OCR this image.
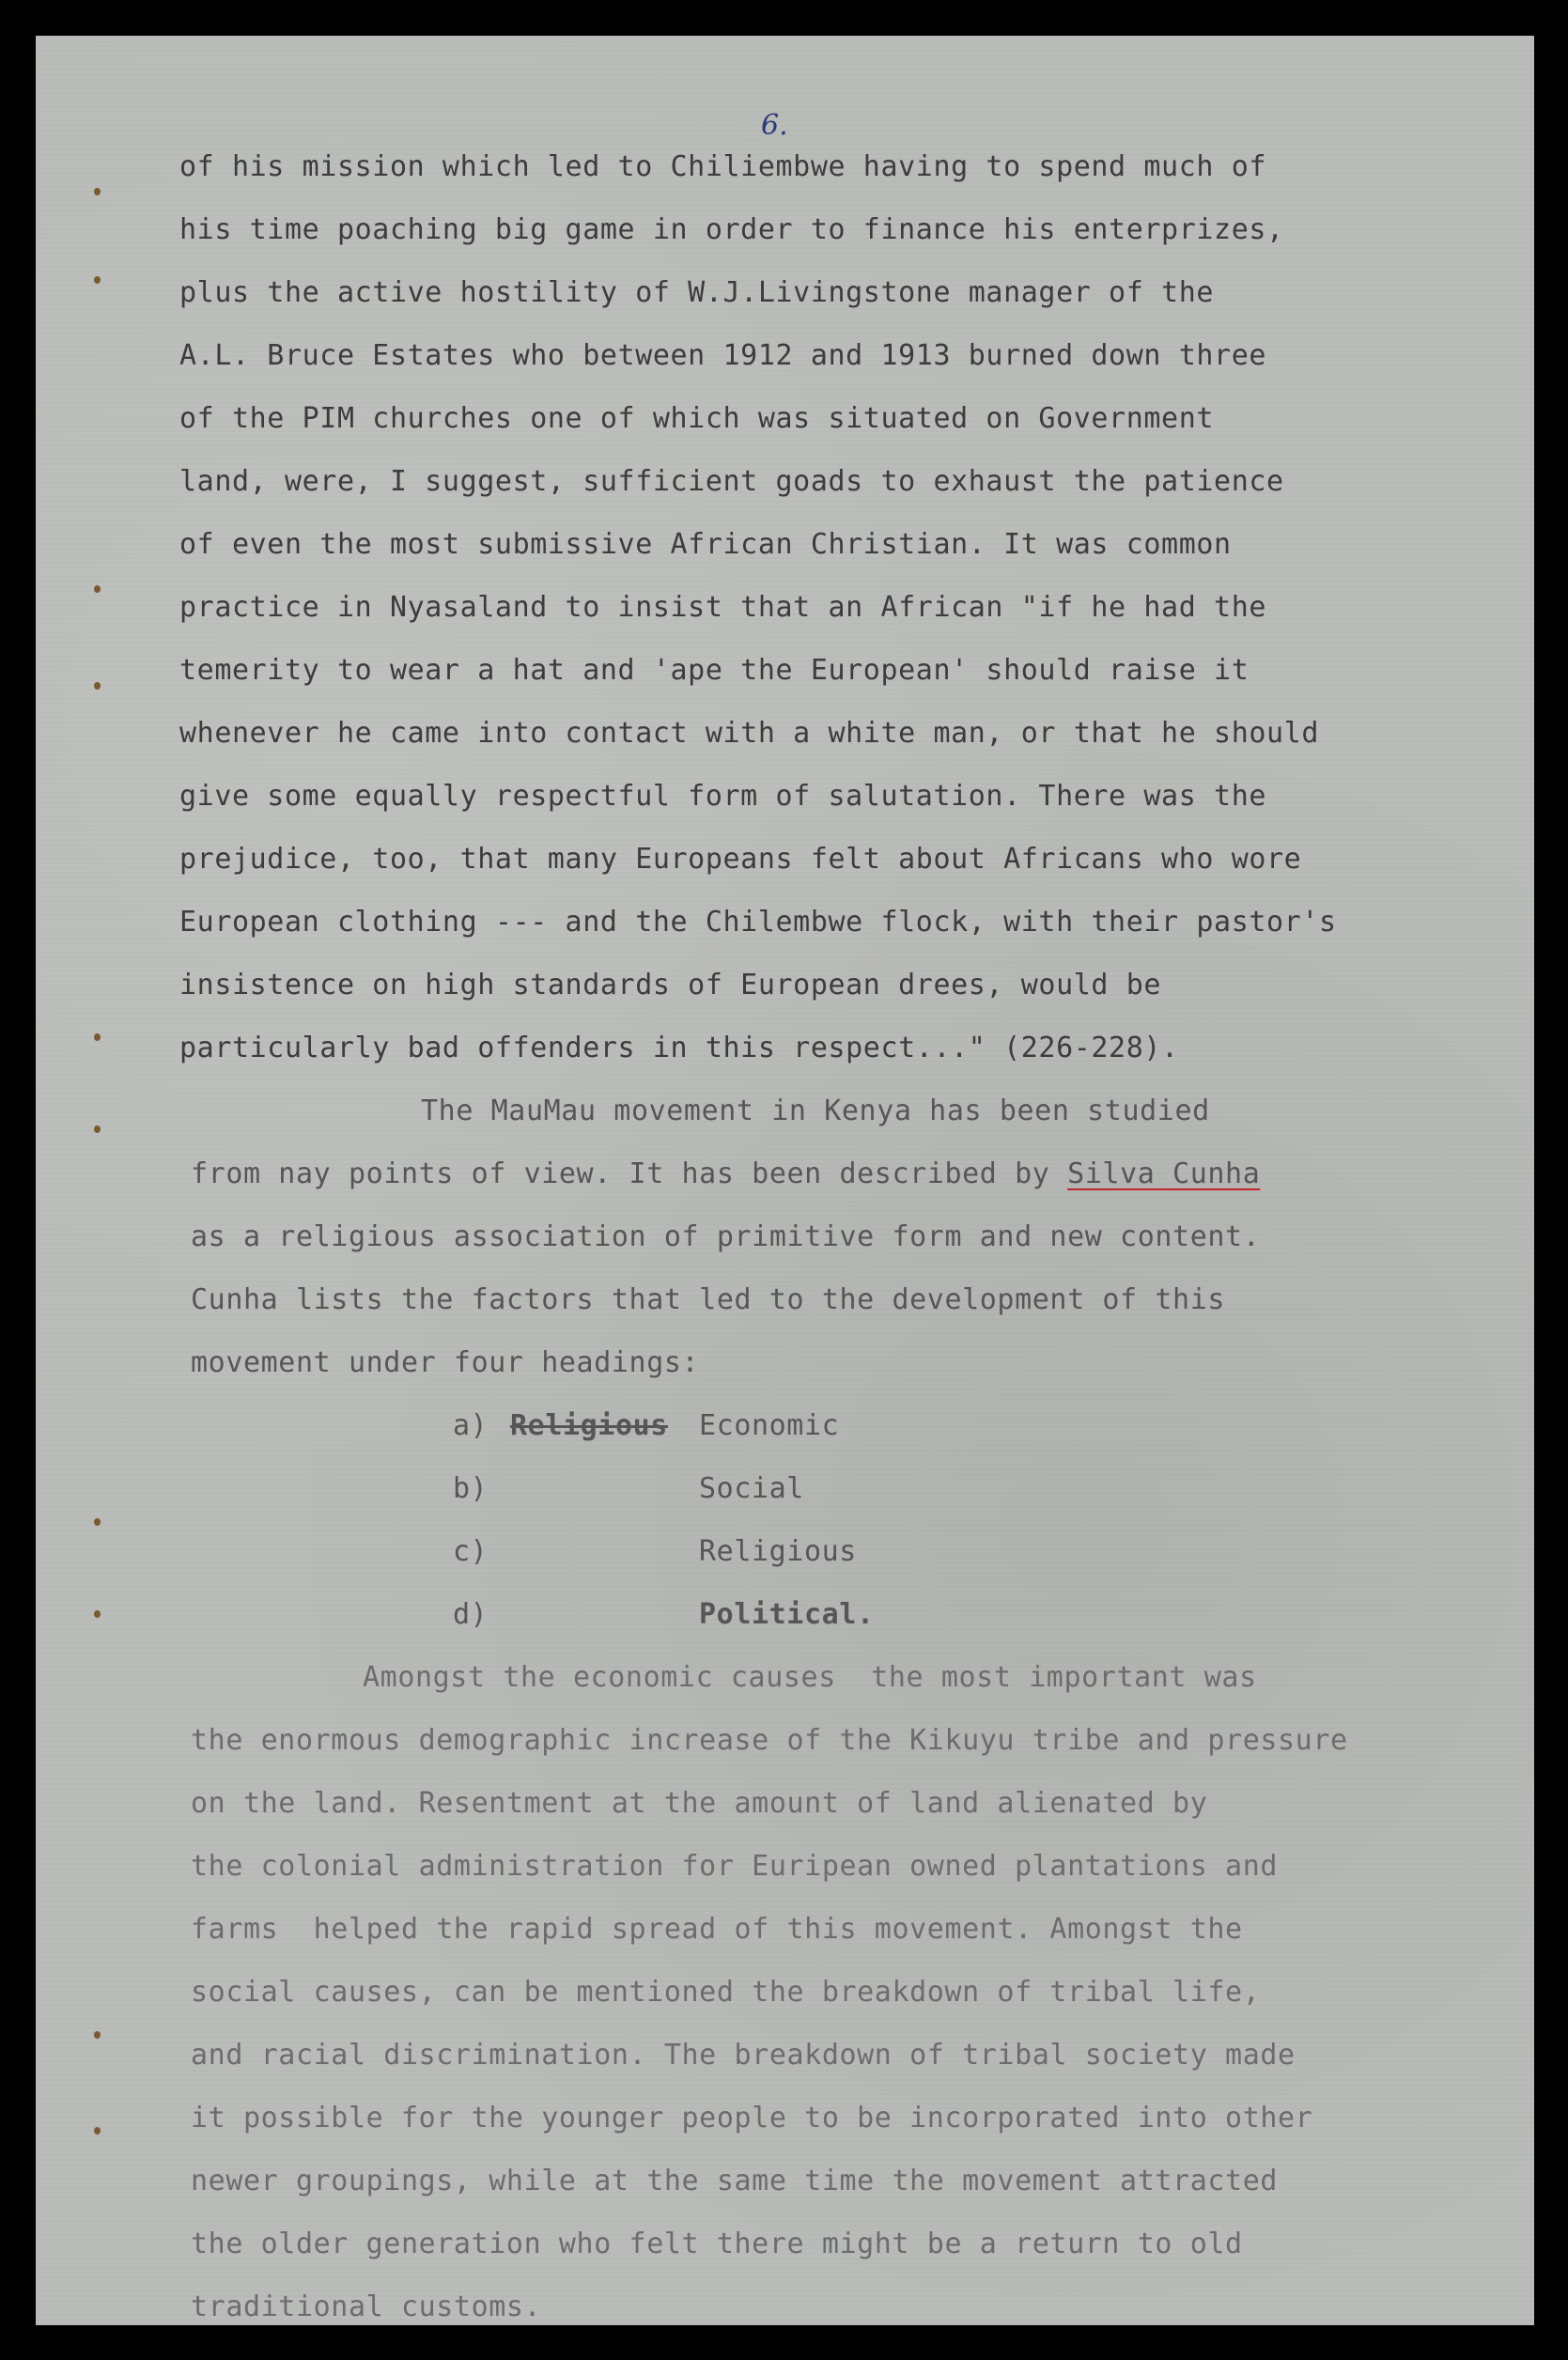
6.
of his mission which led to Chiliembwe having to spend much of
his time poaching big game in order to finance his enterprizes,
plus the active hostility of W.J.Livingstone manager of the
A.L. Bruce Estates who between 1912 and 1913 burned down three
of the PIM churches one of which was situated on Government
land, were, I suggest, sufficient goads to exhaust the patience
of even the most submissive African Christian. It was common
practice in Nyasaland to insist that an African "if he had the
temerity to wear a hat and 'ape the European' should raise it
whenever he came into contact with a white man, or that he should
give some equally respectful form of salutation. There was the
prejudice, too, that many Europeans felt about Africans who wore
European clothing --- and the Chilembwe flock, with their pastor's
insistence on high standards of European drees, would be
particularly bad offenders in this respect..." (226-228).
The MauMau movement in Kenya has been studied
from nay points of view. It has been described by Silva Cunha
as a religious association of primitive form and new content.
Cunha lists the factors that led to the development of this
movement under four headings:
a) Religious Economic
b)	Social
c)	Religious
d)	Political.
Amongst the economic causes  the most important was
the enormous demographic increase of the Kikuyu tribe and pressure
on the land. Resentment at the amount of land alienated by
the colonial administration for Euripean owned plantations and
farms  helped the rapid spread of this movement. Amongst the
social causes, can be mentioned the breakdown of tribal life,
and racial discrimination. The breakdown of tribal society made
it possible for the younger people to be incorporated into other
newer groupings, while at the same time the movement attracted
the older generation who felt there might be a return to old
traditional customs.
